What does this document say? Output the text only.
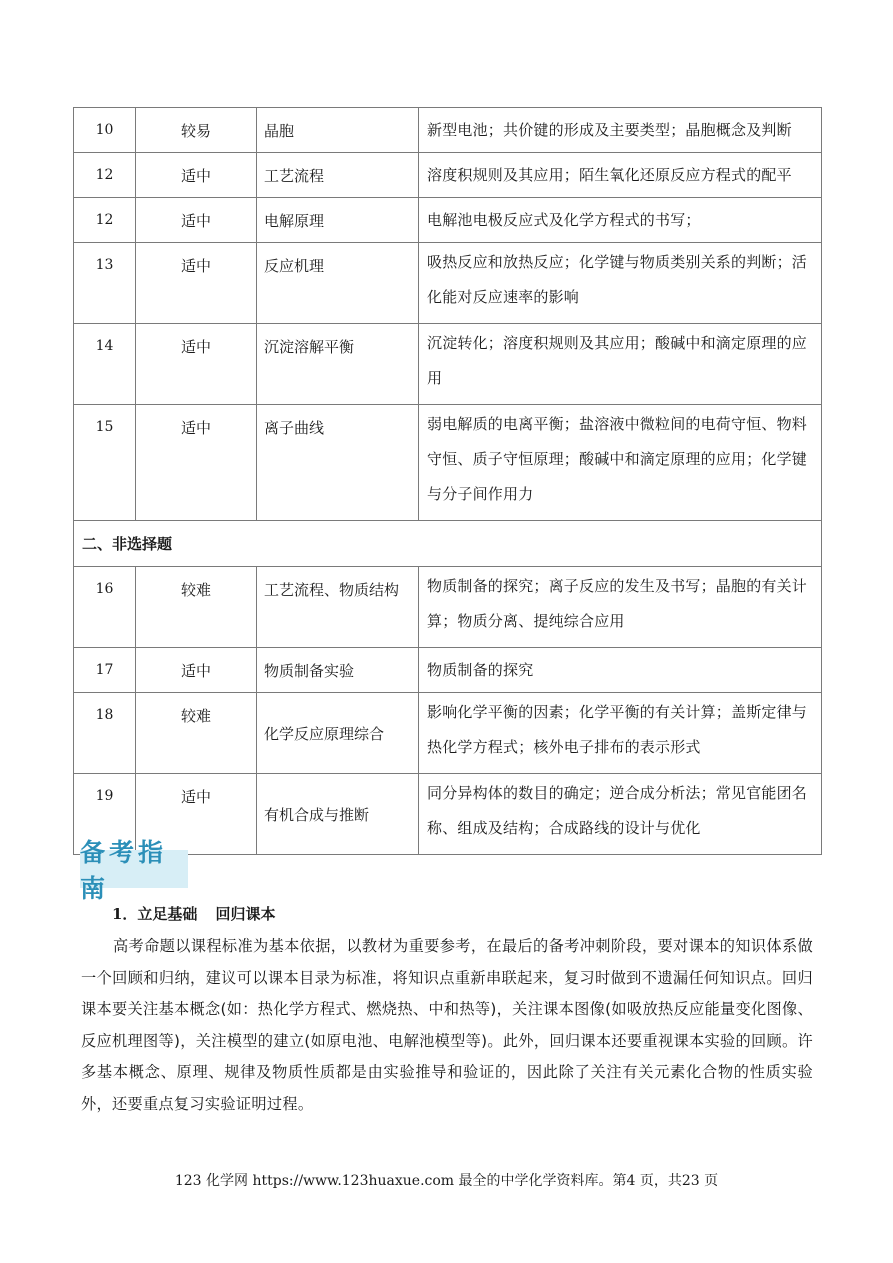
10	较易	晶胞	新型电池；共价键的形成及主要类型；晶胞概念及判断
12	适中	工艺流程	溶度积规则及其应用；陌生氧化还原反应方程式的配平
12	适中	电解原理	电解池电极反应式及化学方程式的书写；
13	适中	反应机理	吸热反应和放热反应；化学键与物质类别关系的判断；活化能对反应速率的影响
14	适中	沉淀溶解平衡	沉淀转化；溶度积规则及其应用；酸碱中和滴定原理的应用
15	适中	离子曲线	弱电解质的电离平衡；盐溶液中微粒间的电荷守恒、物料守恒、质子守恒原理；酸碱中和滴定原理的应用；化学键与分子间作用力
二、非选择题			
16	较难	工艺流程、物质结构	物质制备的探究；离子反应的发生及书写；晶胞的有关计算；物质分离、提纯综合应用
17	适中	物质制备实验	物质制备的探究
18	较难	化学反应原理综合	影响化学平衡的因素；化学平衡的有关计算；盖斯定律与热化学方程式；核外电子排布的表示形式
19	适中	有机合成与推断	同分异构体的数目的确定；逆合成分析法；常见官能团名称、组成及结构；合成路线的设计与优化
备考指南
1．立足基础 回归课本
高考命题以课程标准为基本依据，以教材为重要参考，在最后的备考冲刺阶段，要对课本的知识体系做一个回顾和归纳，建议可以课本目录为标准，将知识点重新串联起来，复习时做到不遗漏任何知识点。回归课本要关注基本概念(如：热化学方程式、燃烧热、中和热等)，关注课本图像(如吸放热反应能量变化图像、反应机理图等)，关注模型的建立(如原电池、电解池模型等)。此外，回归课本还要重视课本实验的回顾。许多基本概念、原理、规律及物质性质都是由实验推导和验证的，因此除了关注有关元素化合物的性质实验外，还要重点复习实验证明过程。
123 化学网 https://www.123huaxue.com 最全的中学化学资料库。第4 页，共23 页
